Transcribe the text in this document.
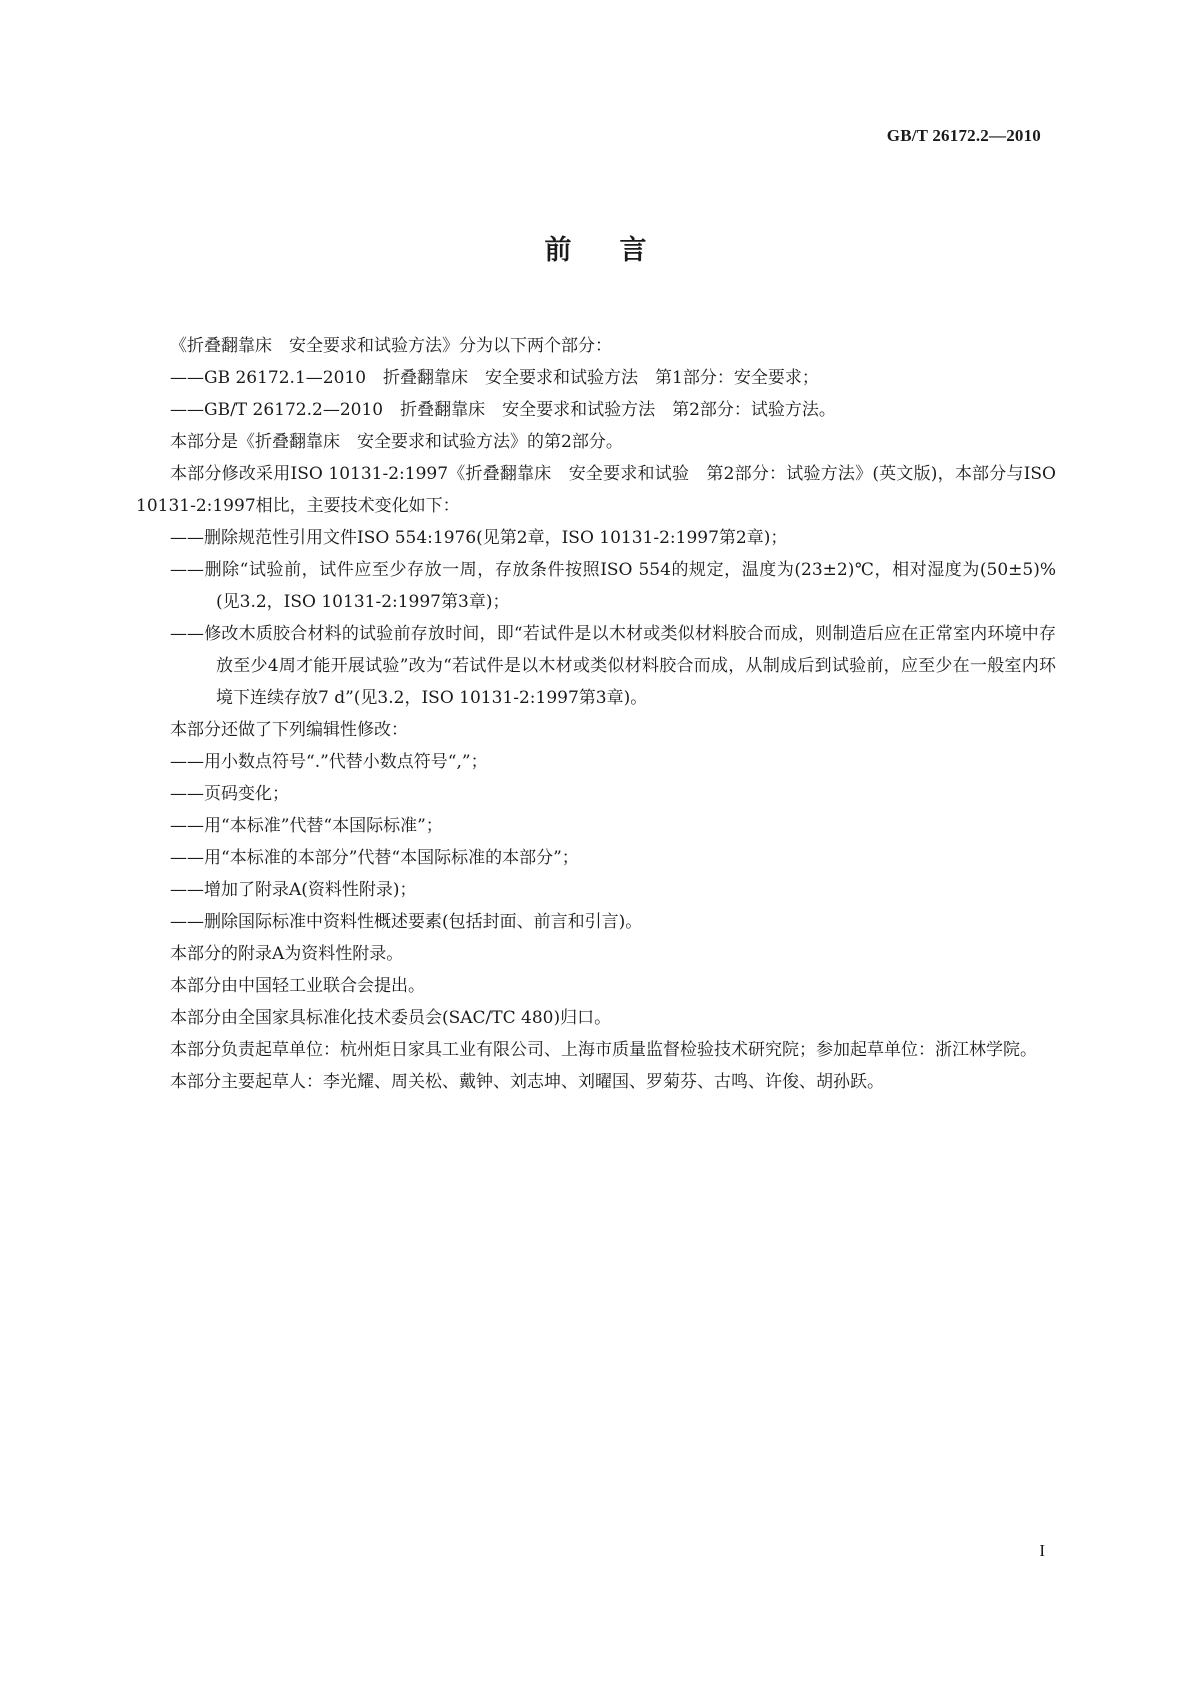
GB/T 26172.2—2010
前言

《折叠翻靠床　安全要求和试验方法》分为以下两个部分：

——GB 26172.1—2010　折叠翻靠床　安全要求和试验方法　第1部分：安全要求；

——GB/T 26172.2—2010　折叠翻靠床　安全要求和试验方法　第2部分：试验方法。

本部分是《折叠翻靠床　安全要求和试验方法》的第2部分。

本部分修改采用ISO 10131-2:1997《折叠翻靠床　安全要求和试验　第2部分：试验方法》(英文版)，本部分与ISO 10131-2:1997相比，主要技术变化如下：

——删除规范性引用文件ISO 554:1976(见第2章，ISO 10131-2:1997第2章)；

——删除“试验前，试件应至少存放一周，存放条件按照ISO 554的规定，温度为(23±2)℃，相对湿度为(50±5)%(见3.2，ISO 10131-2:1997第3章)；

——修改木质胶合材料的试验前存放时间，即“若试件是以木材或类似材料胶合而成，则制造后应在正常室内环境中存放至少4周才能开展试验”改为“若试件是以木材或类似材料胶合而成，从制成后到试验前，应至少在一般室内环境下连续存放7 d”(见3.2，ISO 10131-2:1997第3章)。

本部分还做了下列编辑性修改：

——用小数点符号“.”代替小数点符号“,”；

——页码变化；

——用“本标准”代替“本国际标准”；

——用“本标准的本部分”代替“本国际标准的本部分”；

——增加了附录A(资料性附录)；

——删除国际标准中资料性概述要素(包括封面、前言和引言)。

本部分的附录A为资料性附录。

本部分由中国轻工业联合会提出。

本部分由全国家具标准化技术委员会(SAC/TC 480)归口。

本部分负责起草单位：杭州炬日家具工业有限公司、上海市质量监督检验技术研究院；参加起草单位：浙江林学院。

本部分主要起草人：李光耀、周关松、戴钟、刘志坤、刘曜国、罗菊芬、古鸣、许俊、胡孙跃。

I
